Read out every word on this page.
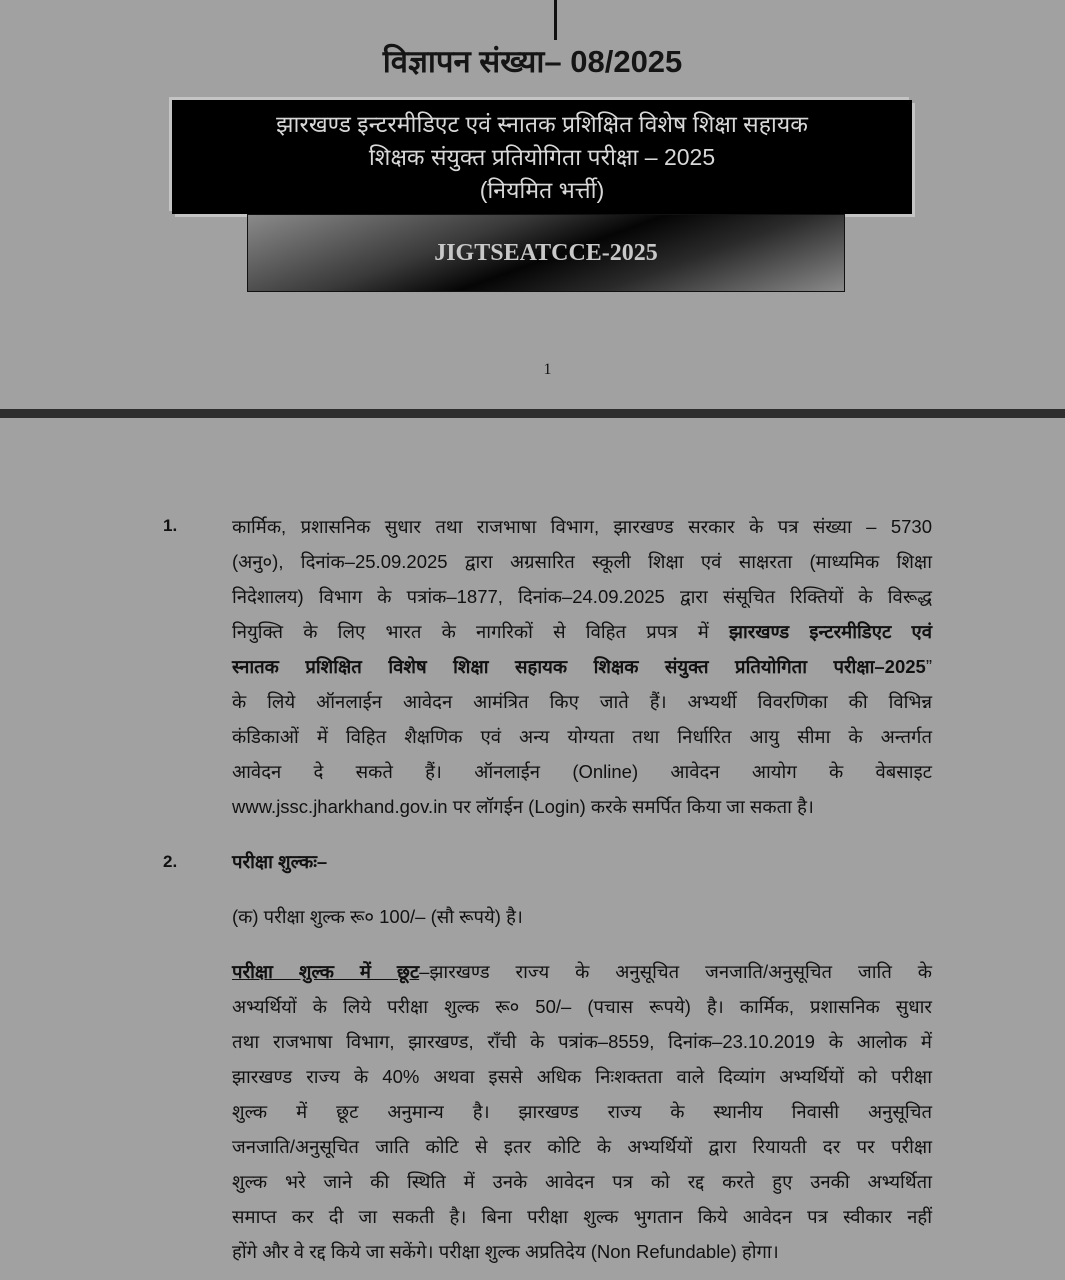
विज्ञापन संख्या– 08/2025
झारखण्ड इन्टरमीडिएट एवं स्नातक प्रशिक्षित विशेष शिक्षा सहायक
शिक्षक संयुक्त प्रतियोगिता परीक्षा – 2025
(नियमित भर्त्ती)
JIGTSEATCCE-2025
1
1.	कार्मिक, प्रशासनिक सुधार तथा राजभाषा विभाग, झारखण्ड सरकार के पत्र संख्या – 5730
(अनु०), दिनांक–25.09.2025 द्वारा अग्रसारित स्कूली शिक्षा एवं साक्षरता (माध्यमिक शिक्षा
निदेशालय) विभाग के पत्रांक–1877, दिनांक–24.09.2025 द्वारा संसूचित रिक्तियों के विरूद्ध
नियुक्ति के लिए भारत के नागरिकों से विहित प्रपत्र में झारखण्ड इन्टरमीडिएट एवं
स्नातक प्रशिक्षित विशेष शिक्षा सहायक शिक्षक संयुक्त प्रतियोगिता परीक्षा–2025”
के लिये ऑनलाईन आवेदन आमंत्रित किए जाते हैं। अभ्यर्थी विवरणिका की विभिन्न
कंडिकाओं में विहित शैक्षणिक एवं अन्य योग्यता तथा निर्धारित आयु सीमा के अन्तर्गत
आवेदन दे सकते हैं। ऑनलाईन (Online) आवेदन आयोग के वेबसाइट
www.jssc.jharkhand.gov.in पर लॉगईन (Login) करके समर्पित किया जा सकता है।
2.	परीक्षा शुल्कः–
(क) परीक्षा शुल्क रू० 100/– (सौ रूपये) है।
परीक्षा शुल्क में छूट–झारखण्ड राज्य के अनुसूचित जनजाति/अनुसूचित जाति के
अभ्यर्थियों के लिये परीक्षा शुल्क रू० 50/– (पचास रूपये) है। कार्मिक, प्रशासनिक सुधार
तथा राजभाषा विभाग, झारखण्ड, राँची के पत्रांक–8559, दिनांक–23.10.2019 के आलोक में
झारखण्ड राज्य के 40% अथवा इससे अधिक निःशक्तता वाले दिव्यांग अभ्यर्थियों को परीक्षा
शुल्क में छूट अनुमान्य है। झारखण्ड राज्य के स्थानीय निवासी अनुसूचित
जनजाति/अनुसूचित जाति कोटि से इतर कोटि के अभ्यर्थियों द्वारा रियायती दर पर परीक्षा
शुल्क भरे जाने की स्थिति में उनके आवेदन पत्र को रद्द करते हुए उनकी अभ्यर्थिता
समाप्त कर दी जा सकती है। बिना परीक्षा शुल्क भुगतान किये आवेदन पत्र स्वीकार नहीं
होंगे और वे रद्द किये जा सकेंगे। परीक्षा शुल्क अप्रतिदेय (Non Refundable) होगा।
